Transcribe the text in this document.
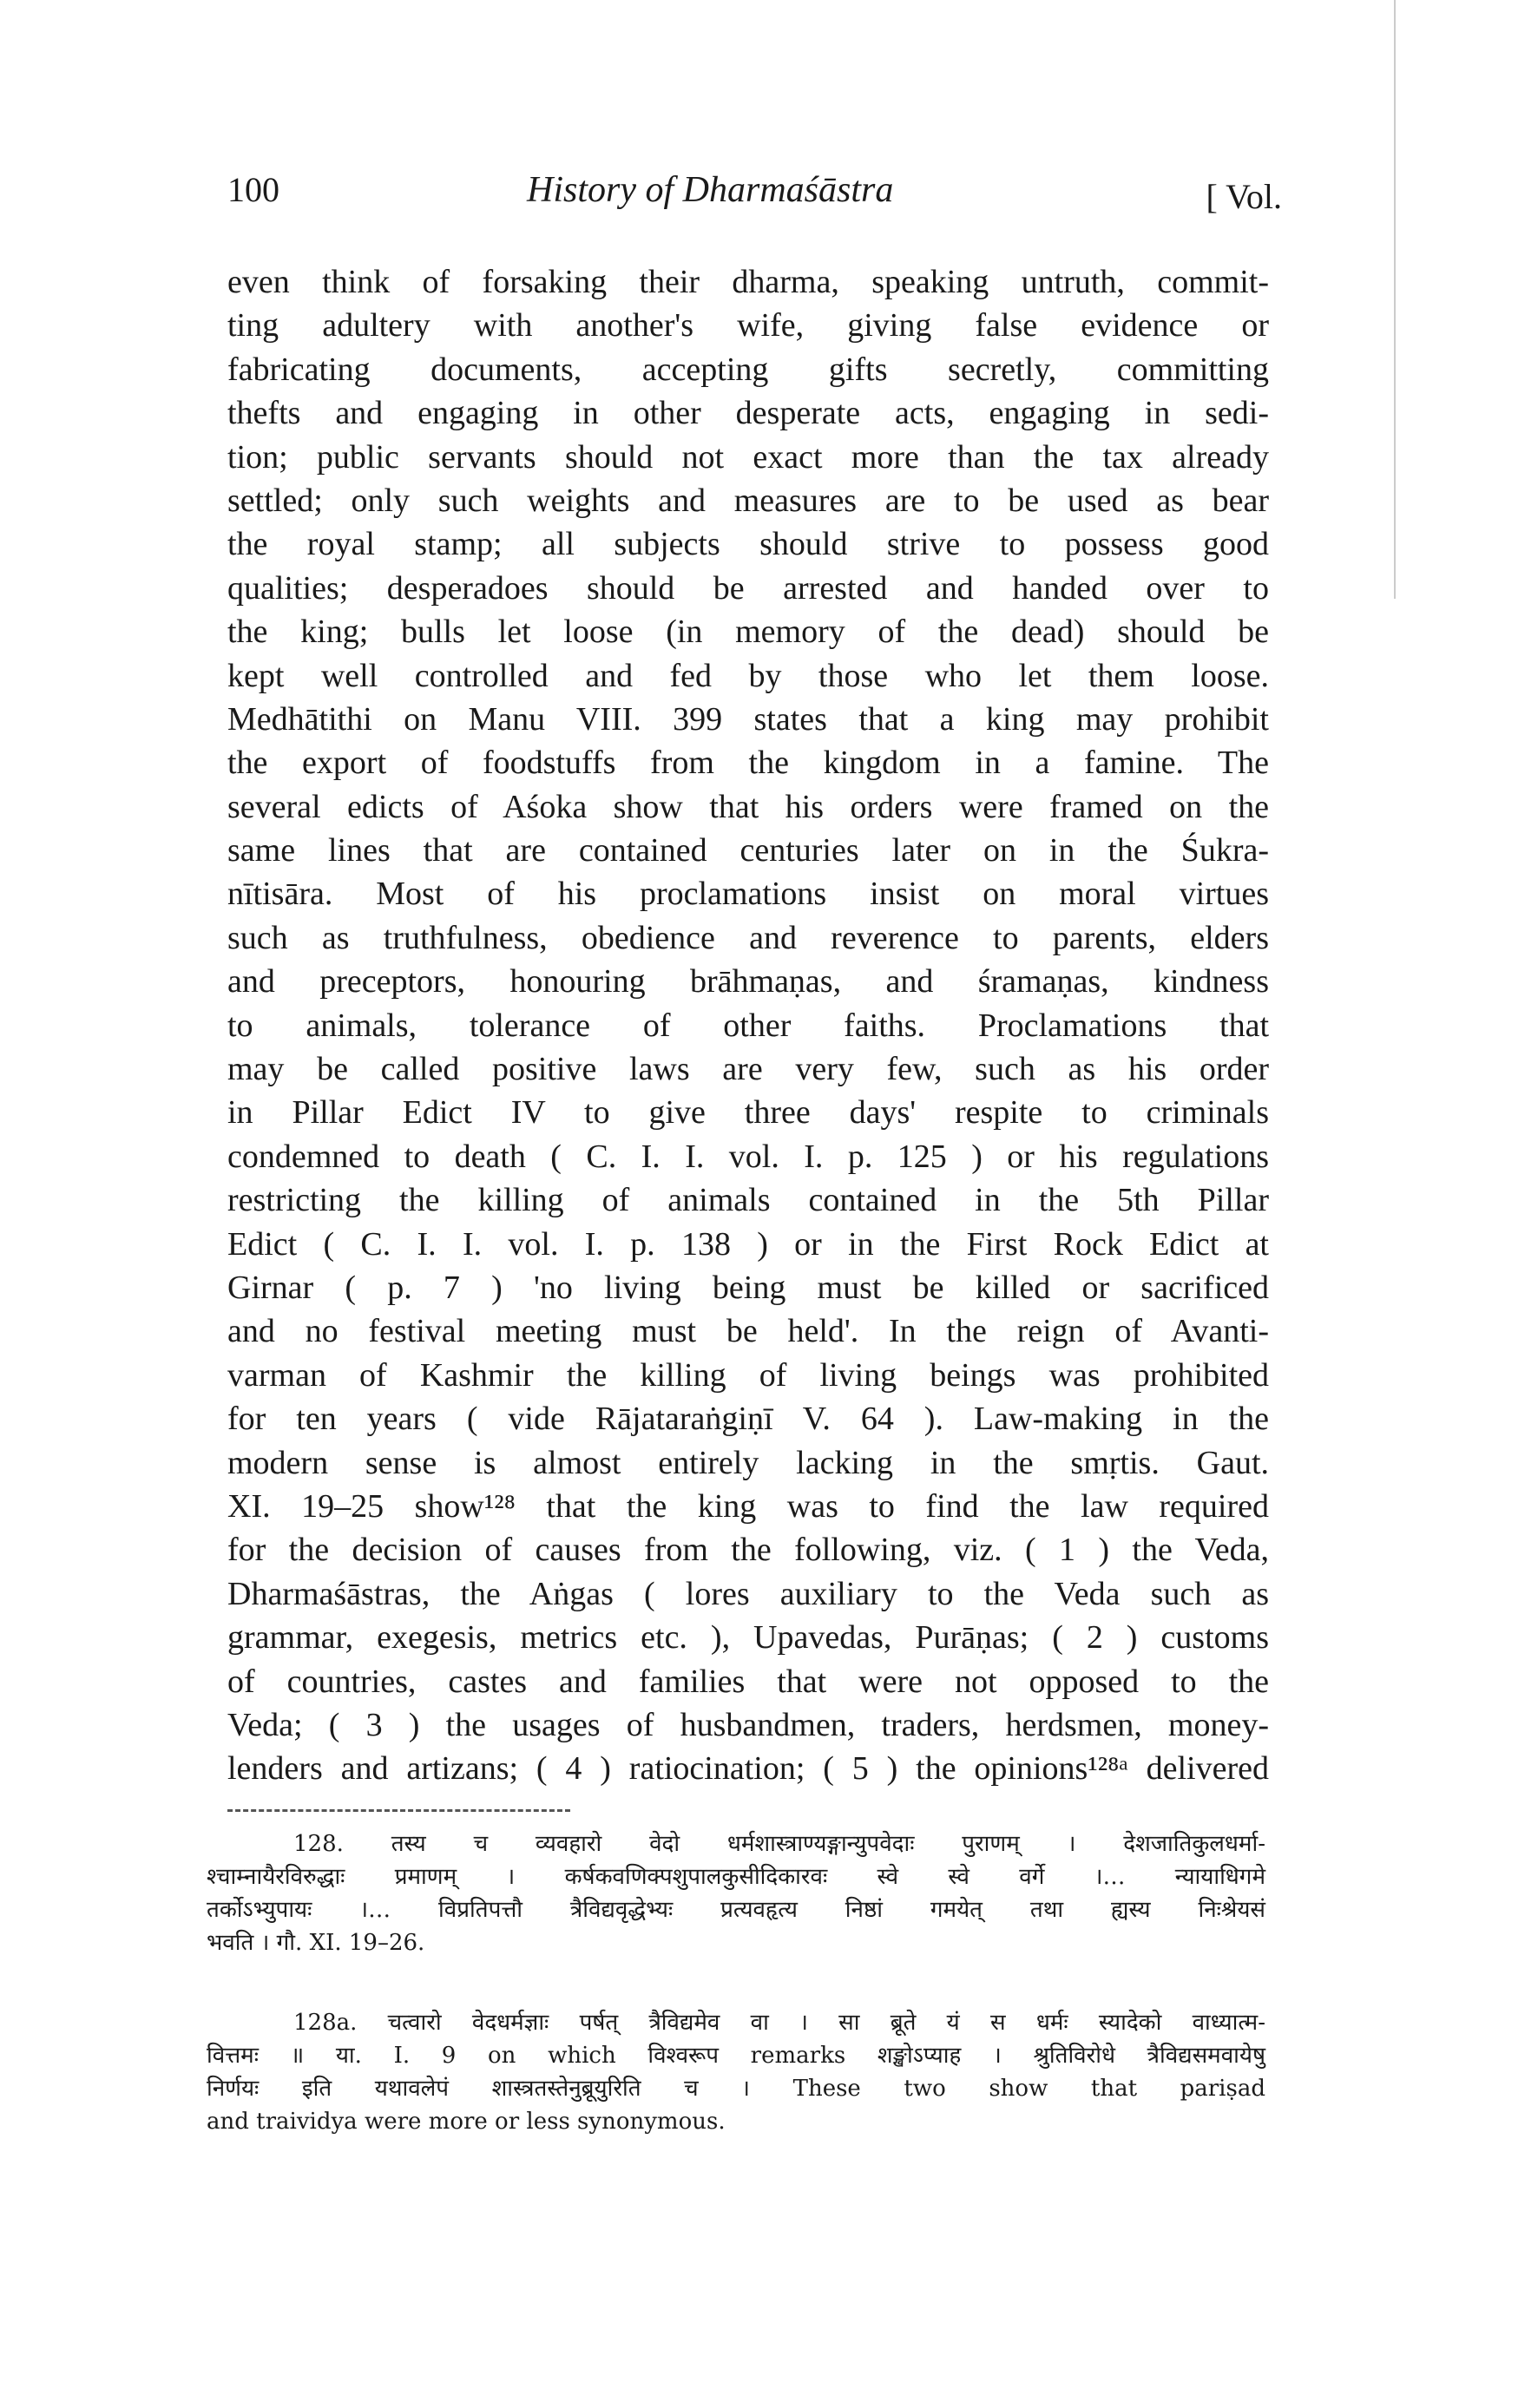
100	History of Dharmaśāstra	[ Vol.
even think of forsaking their dharma, speaking untruth, commit-
ting adultery with another's wife, giving false evidence or
fabricating documents, accepting gifts secretly, committing
thefts and engaging in other desperate acts, engaging in sedi-
tion; public servants should not exact more than the tax already
settled; only such weights and measures are to be used as bear
the royal stamp; all subjects should strive to possess good
qualities; desperadoes should be arrested and handed over to
the king; bulls let loose (in memory of the dead) should be
kept well controlled and fed by those who let them loose.
Medhātithi on Manu VIII. 399 states that a king may prohibit
the export of foodstuffs from the kingdom in a famine. The
several edicts of Aśoka show that his orders were framed on the
same lines that are contained centuries later on in the Śukra-
nītisāra. Most of his proclamations insist on moral virtues
such as truthfulness, obedience and reverence to parents, elders
and preceptors, honouring brāhmaṇas, and śramaṇas, kindness
to animals, tolerance of other faiths. Proclamations that
may be called positive laws are very few, such as his order
in Pillar Edict IV to give three days' respite to criminals
condemned to death ( C. I. I. vol. I. p. 125 ) or his regulations
restricting the killing of animals contained in the 5th Pillar
Edict ( C. I. I. vol. I. p. 138 ) or in the First Rock Edict at
Girnar ( p. 7 ) 'no living being must be killed or sacrificed
and no festival meeting must be held'. In the reign of Avanti-
varman of Kashmir the killing of living beings was prohibited
for ten years ( vide Rājataraṅgiṇī V. 64 ). Law-making in the
modern sense is almost entirely lacking in the smṛtis. Gaut.
XI. 19–25 show¹²⁸ that the king was to find the law required
for the decision of causes from the following, viz. ( 1 ) the Veda,
Dharmaśāstras, the Aṅgas ( lores auxiliary to the Veda such as
grammar, exegesis, metrics etc. ), Upavedas, Purāṇas; ( 2 ) customs
of countries, castes and families that were not opposed to the
Veda; ( 3 ) the usages of husbandmen, traders, herdsmen, money-
lenders and artizans; ( 4 ) ratiocination; ( 5 ) the opinions¹²⁸ᵃ delivered
128. तस्य च व्यवहारो वेदो धर्मशास्त्राण्यङ्गान्युपवेदाः पुराणम् । देशजातिकुलधर्मा-
श्चाम्नायैरविरुद्धाः प्रमाणम् । कर्षकवणिक्पशुपालकुसीदिकारवः स्वे स्वे वर्गे ।… न्यायाधिगमे
तर्कोऽभ्युपायः ।… विप्रतिपत्तौ त्रैविद्यवृद्धेभ्यः प्रत्यवहृत्य निष्ठां गमयेत् तथा ह्यस्य निःश्रेयसं
भवति । गौ. XI. 19–26.
128a. चत्वारो वेदधर्मज्ञाः पर्षत् त्रैविद्यमेव वा । सा ब्रूते यं स धर्मः स्यादेको वाध्यात्म-
वित्तमः ॥ या. I. 9 on which विश्वरूप remarks शङ्खोऽप्याह । श्रुतिविरोधे त्रैविद्यसमवायेषु
निर्णयः इति यथावलेपं शास्त्रतस्तेनुब्रूयुरिति च । These two show that pariṣad
and traividya were more or less synonymous.
